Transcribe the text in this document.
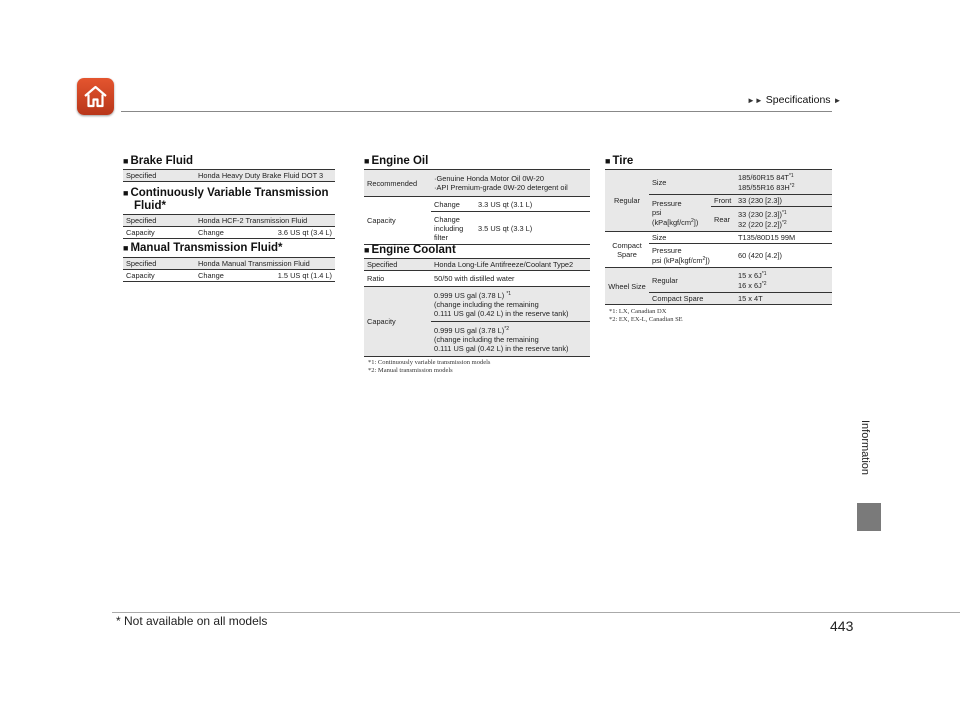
►► Specifications ►
Information
■ Brake Fluid
Specified	Honda Heavy Duty Brake Fluid DOT 3
■ Continuously Variable Transmission
Fluid*
Specified	Honda HCF-2 Transmission Fluid	
Capacity	Change	3.6 US qt (3.4 L)
■ Manual Transmission Fluid*
Specified	Honda Manual Transmission Fluid	
Capacity	Change	1.5 US qt (1.4 L)
■ Engine Oil
Recommended	·Genuine Honda Motor Oil 0W-20
·API Premium-grade 0W-20 detergent oil	

Capacity	Change	3.3 US qt (3.1 L)

	Change
including
filter	3.5 US qt (3.3 L)
■ Engine Coolant
Specified	Honda Long-Life Antifreeze/Coolant Type2
Ratio	50/50 with distilled water
Capacity	0.999 US gal (3.78 L) $^{*1}$
(change including the remaining
0.111 US gal (0.42 L) in the reserve tank)

	0.999 US gal (3.78 L)$^{*2}$
(change including the remaining
0.111 US gal (0.42 L) in the reserve tank)
*1: Continuously variable transmission models
*2: Manual transmission models
■ Tire
Regular	Size		185/60R15 $84T^{*1}$
185/55R16 $83H^{*2}$

	Pressure
psi $(kPa[kgf/cm^2])$	Front	33 (230 [2.3])
		Rear	33 (230 [2.3])$^{*1}$
32 (220 [2.2])$^{*2}$

Compact
Spare	Size		T135/80D15 99M

	Pressure
psi $(kPa[kgf/cm^2])$		60 (420 [4.2])
Wheel Size	Regular		15 x $6J^{*1}$
16 x $6J^{*2}$

	Compact Spare		15 x 4T
*1: LX, Canadian DX
*2: EX, EX-L, Canadian SE
* Not available on all models	443
